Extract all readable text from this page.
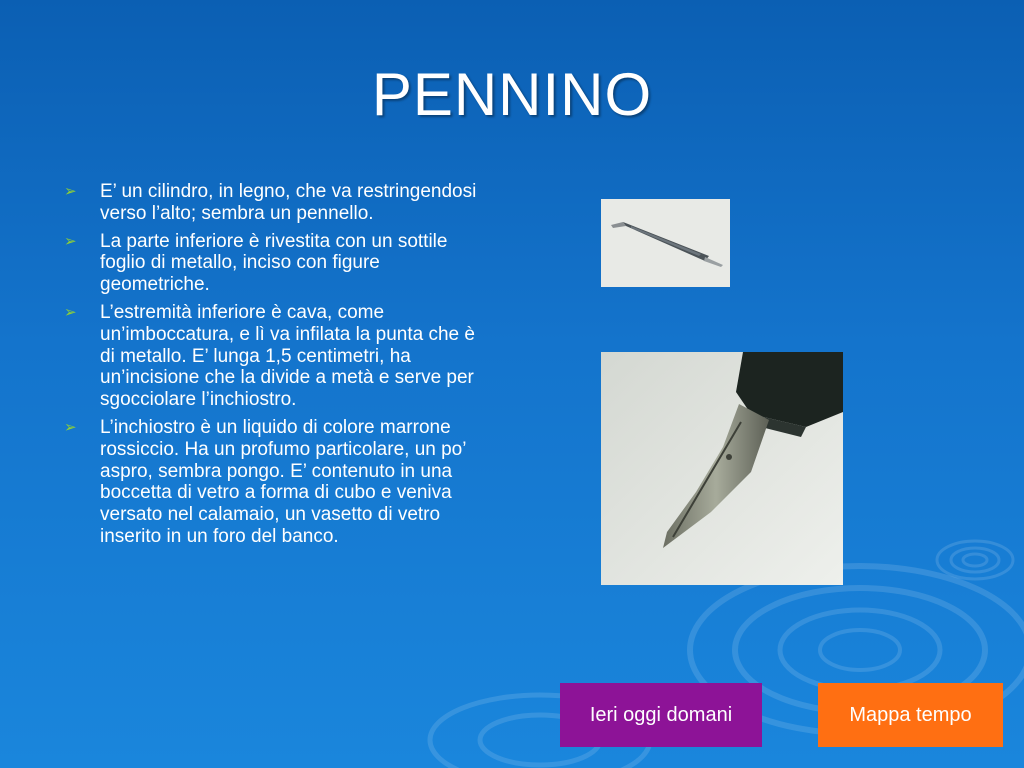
PENNINO
➢ E’ un cilindro, in legno, che va restringendosi verso l’alto; sembra un pennello.
➢ La parte inferiore è rivestita con un sottile foglio di metallo, inciso con figure geometriche.
➢ L’estremità inferiore è cava, come un’imboccatura, e lì va infilata la punta che è di metallo. E’ lunga 1,5 centimetri, ha un’incisione che la divide a metà e serve per sgocciolare l’inchiostro.
➢ L’inchiostro è un liquido di colore marrone rossiccio. Ha un profumo particolare, un po’ aspro, sembra pongo. E’ contenuto in una boccetta di vetro a forma di cubo e veniva versato nel calamaio, un vasetto di vetro inserito in un foro del banco.
Ieri oggi domani	Mappa tempo
